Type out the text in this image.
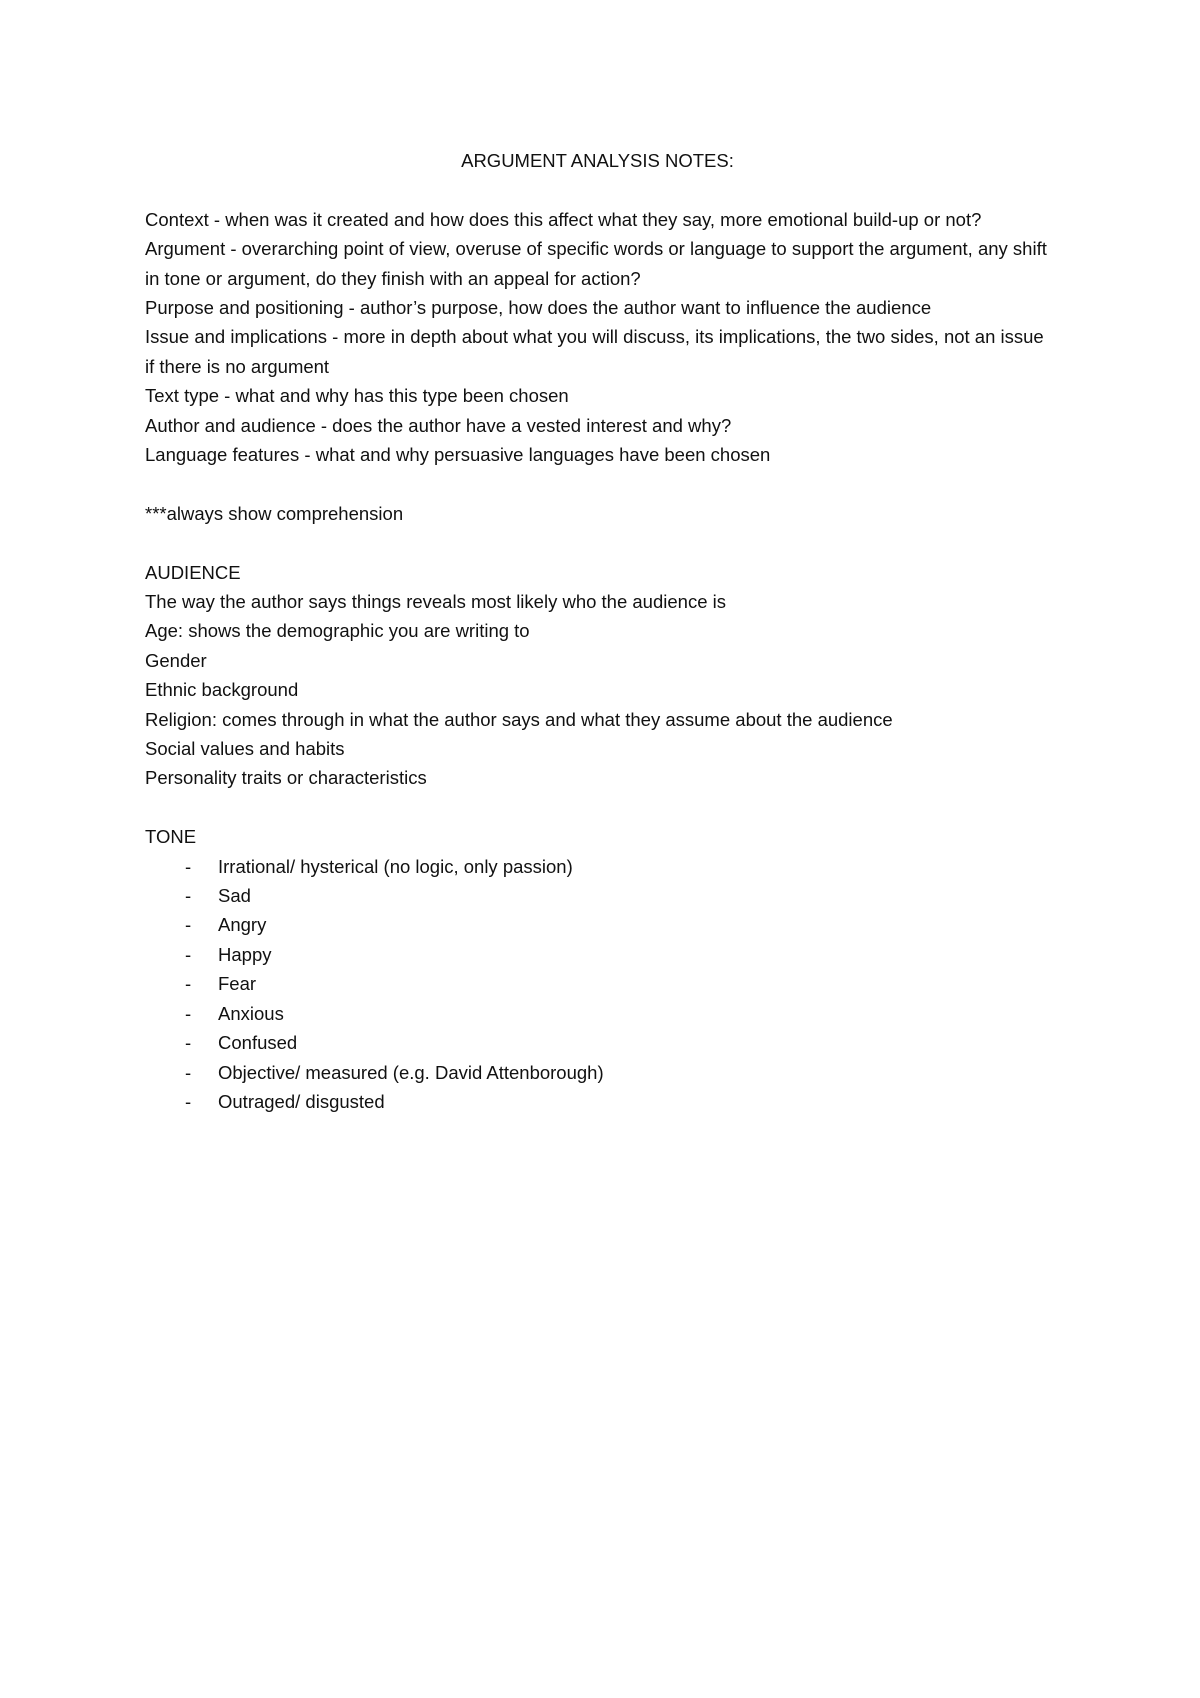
ARGUMENT ANALYSIS NOTES:

Context - when was it created and how does this affect what they say, more emotional build-up or not?

Argument - overarching point of view, overuse of specific words or language to support the argument, any shift in tone or argument, do they finish with an appeal for action?

Purpose and positioning - author’s purpose, how does the author want to influence the audience

Issue and implications - more in depth about what you will discuss, its implications, the two sides, not an issue if there is no argument

Text type - what and why has this type been chosen

Author and audience - does the author have a vested interest and why?

Language features - what and why persuasive languages have been chosen

***always show comprehension

AUDIENCE

The way the author says things reveals most likely who the audience is

Age: shows the demographic you are writing to

Gender

Ethnic background

Religion: comes through in what the author says and what they assume about the audience

Social values and habits

Personality traits or characteristics

TONE

- Irrational/ hysterical (no logic, only passion)
- Sad
- Angry
- Happy
- Fear
- Anxious
- Confused
- Objective/ measured (e.g. David Attenborough)
- Outraged/ disgusted
